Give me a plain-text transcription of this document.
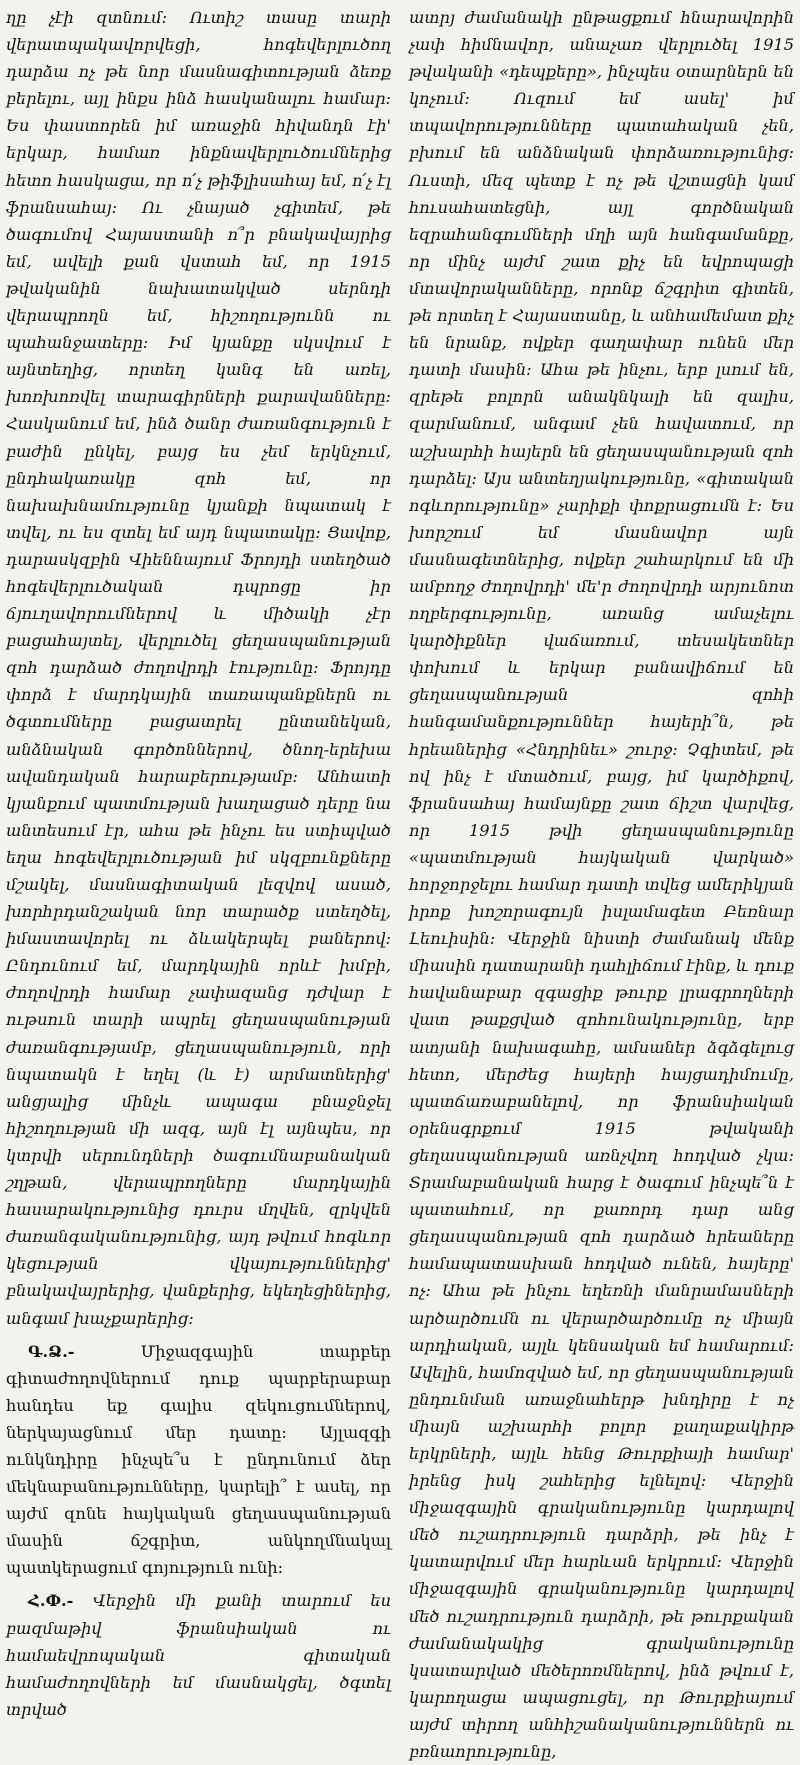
ղը չէի զտնում: Ուտիշ տասը տարի վերատպակավորվեցի, հոգեվերլուծող դարձա ոչ թե նոր մասնագիտության ձեռք բերելու, այլ ինքս ինձ հասկանալու համար: Ես փաստորեն իմ առաջին հիվանդն էի' երկար, համառ ինքնավերլուծումներից հետո հասկացա, որ ո՛չ թիֆլիսահայ եմ, ո՛չ էլ ֆրանսահայ: Ու չնայած չգիտեմ, թե ծագումով Հայաստանի ո՞ր բնակավայրից եմ, ավելի քան վստահ եմ, որ 1915 թվականին նախատակված սերնդի վերապրողն եմ, հիշողությունն ու պահանջատերը: Իմ կյանքը սկսվում է այնտեղից, որտեղ կանգ են առել, խոռխոռվել տարագիրների քարավանները: Հասկանում եմ, ինձ ծանր ժառանգություն է բաժին ընկել, բայց ես չեմ երկնչում, ընդհակառակը զոհ եմ, որ նախախնամությունը կյանքի նպատակ է տվել, ու ես զտել եմ այդ նպատակը: Ցավոք, դարասկզբին Վիեննայում Ֆրոյդի ստեղծած հոգեվերլուծական դպրոցը իր ճյուղավորումներով և միծակի չէր բացահայտել, վերլուծել ցեղասպանության զոհ դարձած ժողովրդի էությունը: Ֆրոյդը փորձ է մարդկային տառապանքներն ու ծգտումները բացատրել ընտանեկան, անձնական գործոններով, ծնող-երեխա ավանդական հարաբերությամբ: Անհատի կյանքում պատմության խաղացած դերը նա անտեսում էր, ահա թե ինչու ես ստիպված եղա հոգեվերլուծության իմ սկզբունքները մշակել, մասնագիտական լեզվով ասած, խորհրդանշական նոր տարածք ստեղծել, իմաստավորել ու ձևակերպել բաներով: Ընդունում եմ, մարդկային որևէ խմբի, ժողովրդի համար չափազանց դժվար է ութսուն տարի ապրել ցեղասպանության ժառանգությամբ, ցեղասպանություն, որի նպատակն է եղել (և է) արմատներից' անցյալից մինչև ապագա բնաջնջել հիշողության մի ազգ, այն էլ այնպես, որ կտրվի սերունդների ծագումնաբանական շղթան, վերապրողները մարդկային հասարակությունից դուրս մղվեն, զրկվեն ժառանգականությունից, այդ թվում հոգևոր կեցության վկայություններից' բնակավայրերից, վանքերից, եկեղեցիներից, անգամ խաչքարերից:

Գ.Ձ.-	Միջազգային տարբեր գիտաժողովներում դուք պարբերաբար հանդես եք գալիս զեկուցումներով, ներկայացնում մեր դատը: Այլազգի ունկնդիրը ինչպե՞ս է ընդունում ձեր մեկնաբանությունները, կարելի՞ է ասել, որ այժմ զոնե հայկական ցեղասպանության մասին ճշգրիտ, անկողմնակալ պատկերացում գոյություն ունի:

Հ.Փ.- Վերջին մի քանի տարում ես բազմաթիվ ֆրանսիական ու համաեվրոպական գիտական համաժողովների եմ մասնակցել, ծգտել տրված

ատրյ ժամանակի ընթացքում հնարավորին չափ հիմնավոր, անաչառ վերլուծել 1915 թվականի «դեպքերը», ինչպես օտարներն են կոչում: Ուզում եմ ասել' իմ տպավորությունները պատահական չեն, բխում են անձնական փորձառությունից: Ուստի, մեզ պետք է ոչ թե վշտացնի կամ հուսահատեցնի, այլ գործնական եզրահանգումների մղի այն հանգամանքը, որ մինչ այժմ շատ քիչ են եվրոպացի մտավորականները, որոնք ճշգրիտ գիտեն, թե որտեղ է Հայաստանը, և անհամեմատ քիչ են նրանք, ովքեր գաղափար ունեն մեր դատի մասին: Ահա թե ինչու, երբ լսում են, զրեթե բոլորն անակնկալի են զալիս, զարմանում, անգամ չեն հավատում, որ աշխարհի հայերն են ցեղասպանության զոհ դարձել: Այս անտեղյակությունը, «գիտական ոգևորությունը» չարիքի փոքրացումն է: Ես խորշում եմ մասնավոր այն մասնագետներից, ովքեր շահարկում են մի ամբողջ ժողովրդի' մե'ր ժողովրդի արյունոտ ողբերգությունը, առանց ամաչելու կարծիքներ վաճառում, տեսակետներ փոխում և երկար բանավիճում են ցեղասպանության զոհի հանգամանքություններ հայերի՞ն, թե հրեաներից «Հնդրինեւ» շուրջ: Չգիտեմ, թե ով ինչ է մտածում, բայց, իմ կարծիքով, ֆրանսահայ համայնքը շատ ճիշտ վարվեց, որ 1915 թվի ցեղասպանությունը «պատմության հայկական վարկած» հորջորջելու համար դատի տվեց ամերիկյան իրոք խոշորագույն իսլամագետ Բեռնար Լեուիսին: Վերջին նիստի ժամանակ մենք միասին դատարանի դահլիճում էինք, և դուք հավանաբար զգացիք թուրք լրագրողների վատ թաքցված զոհունակությունը, երբ ատյանի նախագահը, ամսաներ ձգձգելուց հետո, մերժեց հայերի հայցադիմումը, պատճառաբանելով, որ ֆրանսիական օրենսգրքում 1915 թվականի ցեղասպանության առնչվող հոդված չկա: Տրամաբանական հարց է ծագում ինչպե՞ն է պատահում, որ քառորդ դար անց ցեղասպանության զոհ դարձած հրեաները համապատասխան հոդված ունեն, հայերը' ոչ: Ահա թե ինչու եղեռնի մանրամասների արծարծումն ու վերարծարծումը ոչ միայն արդիական, այլև կենսական եմ համարում: Ավելին, համոզված եմ, որ ցեղասպանության ընդունման առաջնահերթ խնդիրը է ոչ միայն աշխարհի բոլոր քաղաքակիրթ երկրների, այլև հենց Թուրքիայի համար' իրենց իսկ շահերից ելնելով: Վերջին միջազգային գրականությունը կարդալով մեծ ուշադրություն դարձրի, թե ինչ է կատարվում մեր հարևան երկրում: Վերջին միջազգային գրականությունը կարդալով մեծ ուշադրություն դարձրի, թե թուրքական ժամանակակից գրականությունը կսատարված մեծերոռմներով, ինձ թվում է, կարողացա ապացուցել, որ Թուրքիայում այժմ տիրող անհիշանականություններն ու բռնաորությունը,
